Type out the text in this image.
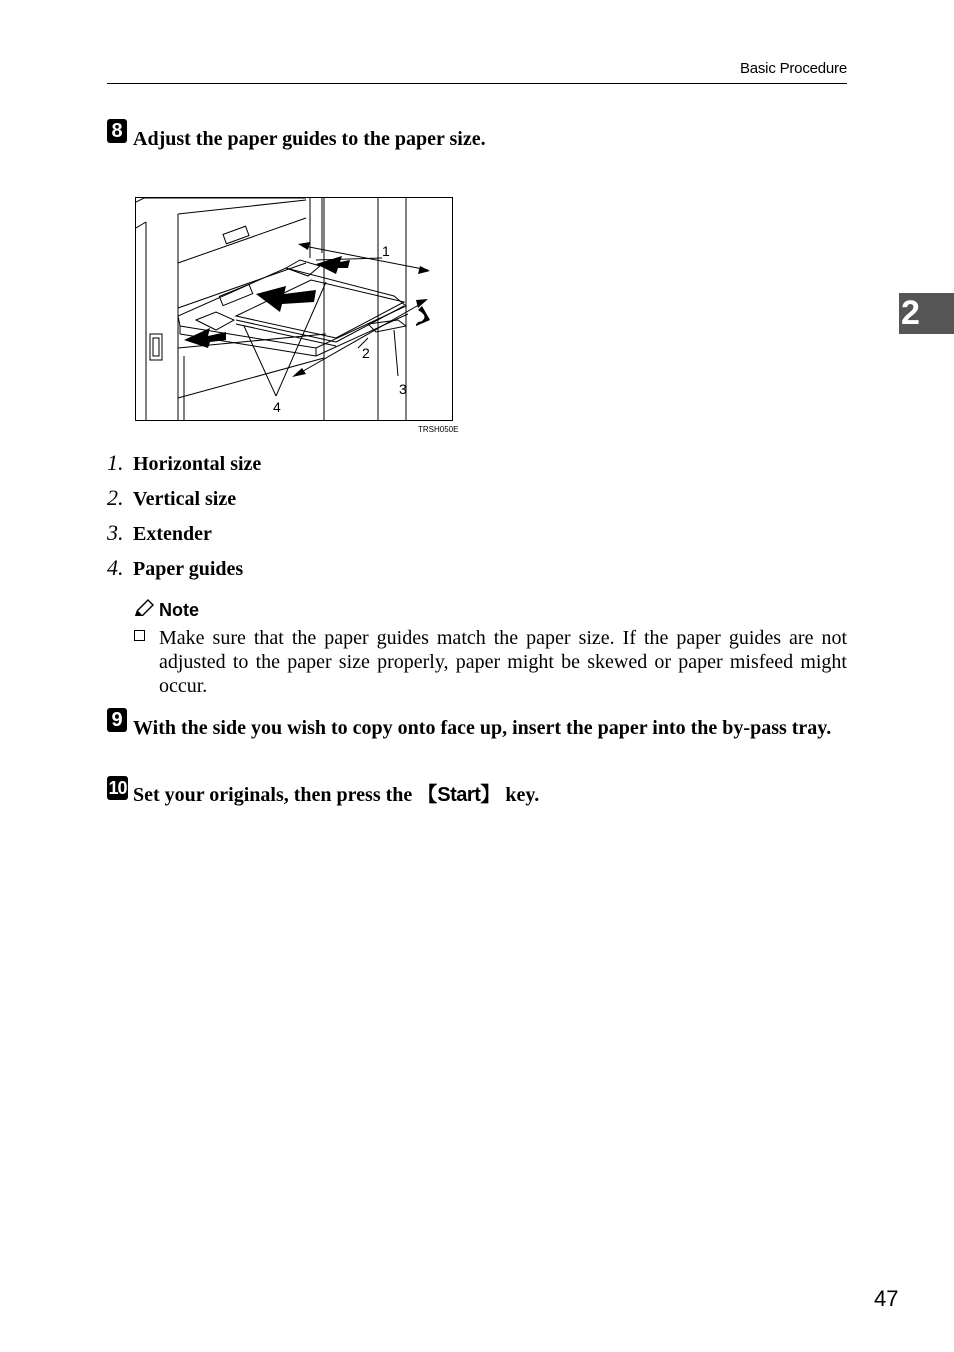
Basic Procedure
2
8 Adjust the paper guides to the paper size.
1
2
3
4
TRSH050E
1. Horizontal size
2. Vertical size
3. Extender
4. Paper guides
Note
Make sure that the paper guides match the paper size. If the paper guides are not adjusted to the paper size properly, paper might be skewed or paper misfeed might occur.
9 With the side you wish to copy onto face up, insert the paper into the by-pass tray.
10 Set your originals, then press the 【Start】 key.
47
